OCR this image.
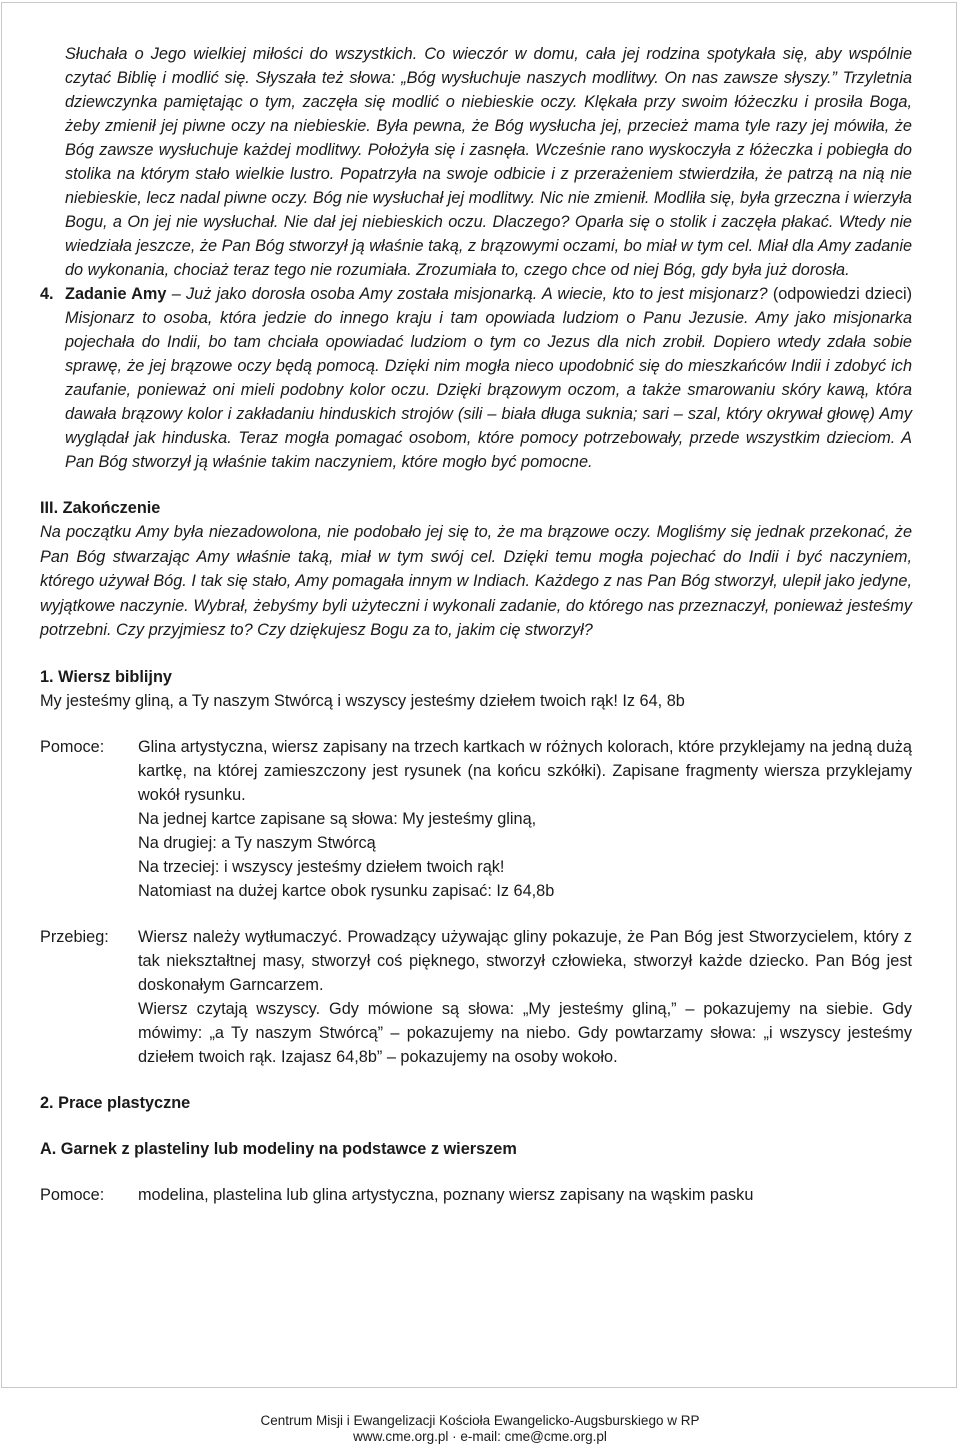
Słuchała o Jego wielkiej miłości do wszystkich. Co wieczór w domu, cała jej rodzina spotykała się, aby wspólnie czytać Biblię i modlić się. Słyszała też słowa: „Bóg wysłuchuje naszych modlitwy. On nas zawsze słyszy.” Trzyletnia dziewczynka pamiętając o tym, zaczęła się modlić o niebieskie oczy. Klękała przy swoim łóżeczku i prosiła Boga, żeby zmienił jej piwne oczy na niebieskie. Była pewna, że Bóg wysłucha jej, przecież mama tyle razy jej mówiła, że Bóg zawsze wysłuchuje każdej modlitwy. Położyła się i zasnęła. Wcześnie rano wyskoczyła z łóżeczka i pobiegła do stolika na którym stało wielkie lustro. Popatrzyła na swoje odbicie i z przerażeniem stwierdziła, że patrzą na nią nie niebieskie, lecz nadal piwne oczy. Bóg nie wysłuchał jej modlitwy. Nic nie zmienił. Modliła się, była grzeczna i wierzyła Bogu, a On jej nie wysłuchał. Nie dał jej niebieskich oczu. Dlaczego? Oparła się o stolik i zaczęła płakać. Wtedy nie wiedziała jeszcze, że Pan Bóg stworzył ją właśnie taką, z brązowymi oczami, bo miał w tym cel. Miał dla Amy zadanie do wykonania, chociaż teraz tego nie rozumiała. Zrozumiała to, czego chce od niej Bóg, gdy była już dorosła.

4. Zadanie Amy – Już jako dorosła osoba Amy została misjonarką. A wiecie, kto to jest misjonarz? (odpowiedzi dzieci) Misjonarz to osoba, która jedzie do innego kraju i tam opowiada ludziom o Panu Jezusie. Amy jako misjonarka pojechała do Indii, bo tam chciała opowiadać ludziom o tym co Jezus dla nich zrobił. Dopiero wtedy zdała sobie sprawę, że jej brązowe oczy będą pomocą. Dzięki nim mogła nieco upodobnić się do mieszkańców Indii i zdobyć ich zaufanie, ponieważ oni mieli podobny kolor oczu. Dzięki brązowym oczom, a także smarowaniu skóry kawą, która dawała brązowy kolor i zakładaniu hinduskich strojów (sili – biała długa suknia; sari – szal, który okrywał głowę) Amy wyglądał jak hinduska. Teraz mogła pomagać osobom, które pomocy potrzebowały, przede wszystkim dzieciom. A Pan Bóg stworzył ją właśnie takim naczyniem, które mogło być pomocne.

III. Zakończenie

Na początku Amy była niezadowolona, nie podobało jej się to, że ma brązowe oczy. Mogliśmy się jednak przekonać, że Pan Bóg stwarzając Amy właśnie taką, miał w tym swój cel. Dzięki temu mogła pojechać do Indii i być naczyniem, którego używał Bóg. I tak się stało, Amy pomagała innym w Indiach. Każdego z nas Pan Bóg stworzył, ulepił jako jedyne, wyjątkowe naczynie. Wybrał, żebyśmy byli użyteczni i wykonali zadanie, do którego nas przeznaczył, ponieważ jesteśmy potrzebni. Czy przyjmiesz to? Czy dziękujesz Bogu za to, jakim cię stworzył?

1. Wiersz biblijny

My jesteśmy gliną, a Ty naszym Stwórcą i wszyscy jesteśmy dziełem twoich rąk! Iz 64, 8b

Pomoce:	Glina artystyczna, wiersz zapisany na trzech kartkach w różnych kolorach, które przyklejamy na jedną dużą kartkę, na której zamieszczony jest rysunek (na końcu szkółki). Zapisane fragmenty wiersza przyklejamy wokół rysunku.

Na jednej kartce zapisane są słowa: My jesteśmy gliną,

Na drugiej: a Ty naszym Stwórcą

Na trzeciej: i wszyscy jesteśmy dziełem twoich rąk!

Natomiast na dużej kartce obok rysunku zapisać: Iz 64,8b

Przebieg:	Wiersz należy wytłumaczyć. Prowadzący używając gliny pokazuje, że Pan Bóg jest Stworzycielem, który z tak niekształtnej masy, stworzył coś pięknego, stworzył człowieka, stworzył każde dziecko. Pan Bóg jest doskonałym Garncarzem.

Wiersz czytają wszyscy. Gdy mówione są słowa: „My jesteśmy gliną,” – pokazujemy na siebie. Gdy mówimy: „a Ty naszym Stwórcą” – pokazujemy na niebo. Gdy powtarzamy słowa: „i wszyscy jesteśmy dziełem twoich rąk. Izajasz 64,8b” – pokazujemy na osoby wokoło.

2. Prace plastyczne

A. Garnek z plasteliny lub modeliny na podstawce z wierszem

Pomoce:	modelina, plastelina lub glina artystyczna, poznany wiersz zapisany na wąskim pasku
Centrum Misji i Ewangelizacji Kościoła Ewangelicko-Augsburskiego w RP
www.cme.org.pl · e-mail: cme@cme.org.pl
